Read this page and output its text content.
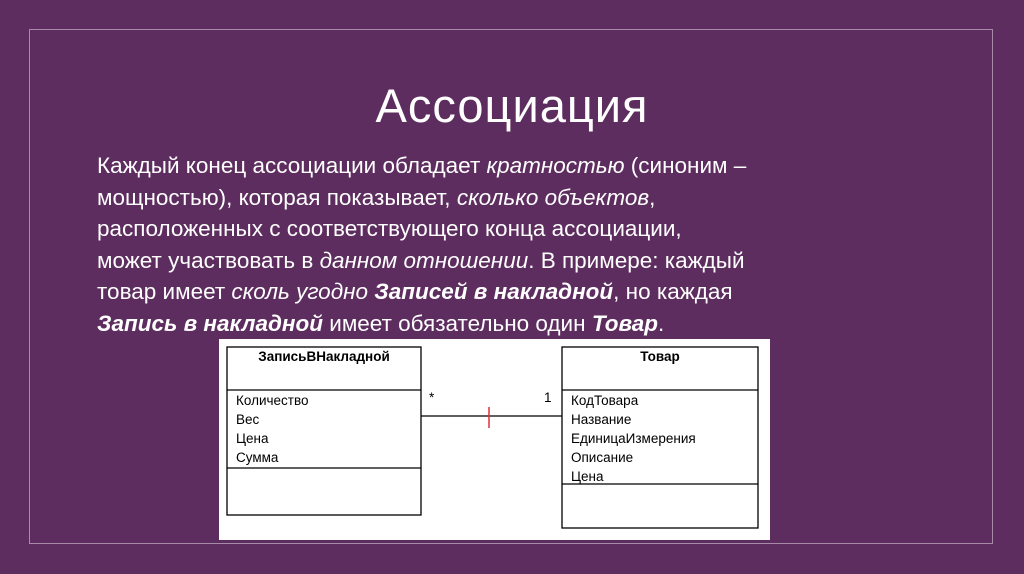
Ассоциация
Каждый конец ассоциации обладает кратностью (синоним –
мощностью), которая показывает, сколько объектов,
расположенных с соответствующего конца ассоциации,
может участвовать в данном отношении. В примере: каждый
товар имеет сколь угодно Записей в накладной, но каждая
Запись в накладной имеет обязательно один Товар.
ЗаписьВНакладной
Количество
Вес
Цена
Сумма
Товар
КодТовара
Название
ЕдиницаИзмерения
Описание
Цена
*	1
